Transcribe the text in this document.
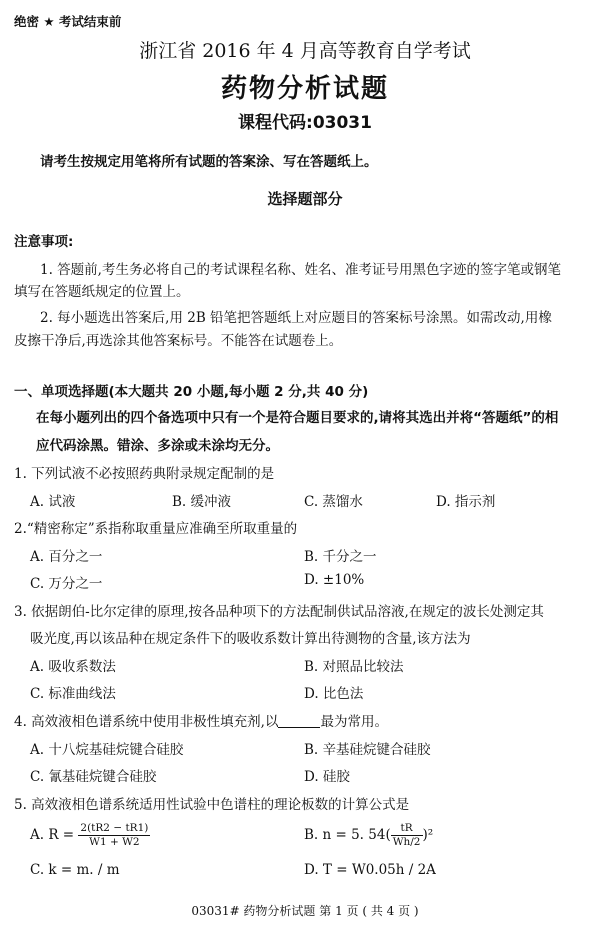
绝密 ★ 考试结束前
浙江省 2016 年 4 月高等教育自学考试
药物分析试题
课程代码:03031
请考生按规定用笔将所有试题的答案涂、写在答题纸上。
选择题部分
注意事项:
1. 答题前,考生务必将自己的考试课程名称、姓名、准考证号用黑色字迹的签字笔或钢笔
填写在答题纸规定的位置上。
2. 每小题选出答案后,用 2B 铅笔把答题纸上对应题目的答案标号涂黑。如需改动,用橡
皮擦干净后,再选涂其他答案标号。不能答在试题卷上。
一、单项选择题(本大题共 20 小题,每小题 2 分,共 40 分)
在每小题列出的四个备选项中只有一个是符合题目要求的,请将其选出并将“答题纸”的相
应代码涂黑。错涂、多涂或未涂均无分。
1. 下列试液不必按照药典附录规定配制的是
A. 试液	B. 缓冲液	C. 蒸馏水	D. 指示剂
2.“精密称定”系指称取重量应准确至所取重量的
A. 百分之一	B. 千分之一
C. 万分之一	D. ±10%
3. 依据朗伯-比尔定律的原理,按各品种项下的方法配制供试品溶液,在规定的波长处测定其
吸光度,再以该品种在规定条件下的吸收系数计算出待测物的含量,该方法为
A. 吸收系数法	B. 对照品比较法
C. 标准曲线法	D. 比色法
4. 高效液相色谱系统中使用非极性填充剂,以	最为常用。
A. 十八烷基硅烷键合硅胶	B. 辛基硅烷键合硅胶
C. 氰基硅烷键合硅胶	D. 硅胶
5. 高效液相色谱系统适用性试验中色谱柱的理论板数的计算公式是
A. $R = \frac{2(tR2 - tR1)}{W1 + W2}$	B. n = 5. $54( \frac{tR}{Wh/2} )^2$
C. k = m. / m	D. T = W0.05h / 2A
03031# 药物分析试题 第 1 页 ( 共 4 页 )
